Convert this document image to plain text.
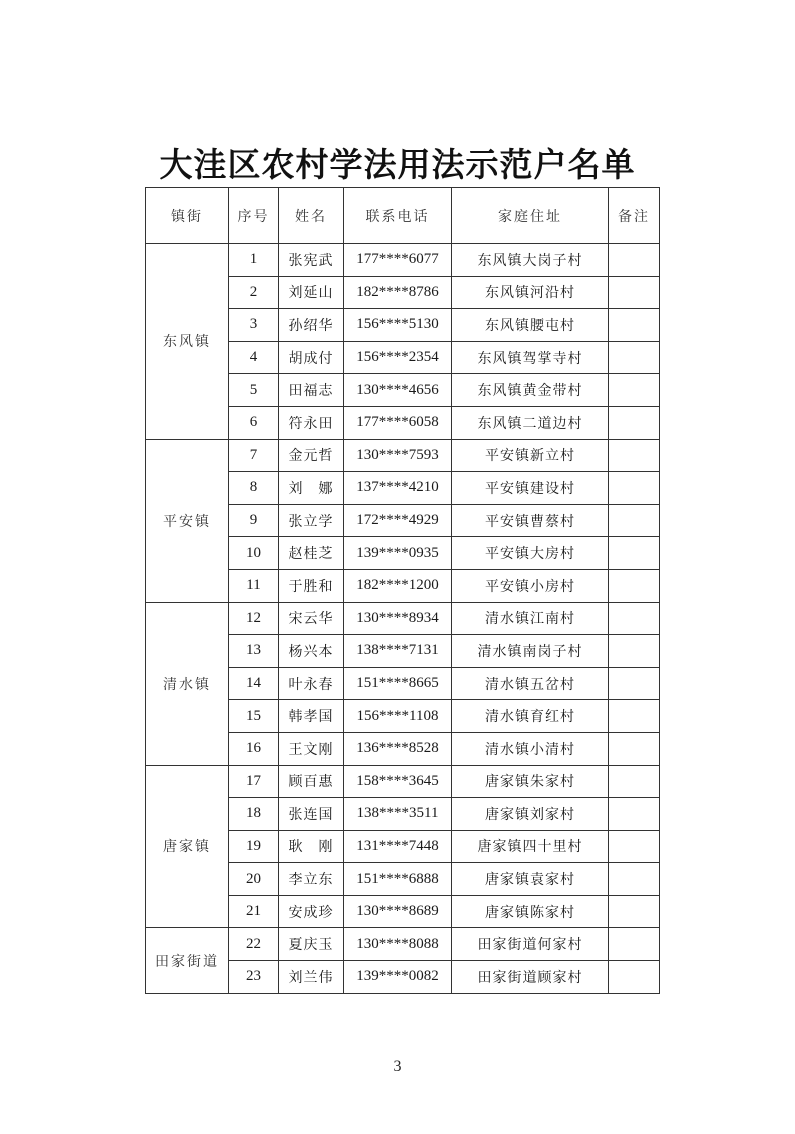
大洼区农村学法用法示范户名单
镇街	序号	姓名	联系电话	家庭住址	备注
东风镇	1	张宪武	177****6077	东风镇大岗子村	
	2	刘延山	182****8786	东风镇河沿村	
	3	孙绍华	156****5130	东风镇腰屯村	
	4	胡成付	156****2354	东风镇驾掌寺村	
	5	田福志	130****4656	东风镇黄金带村	
	6	符永田	177****6058	东风镇二道边村	
平安镇	7	金元哲	130****7593	平安镇新立村	
	8	刘　娜	137****4210	平安镇建设村	
	9	张立学	172****4929	平安镇曹蔡村	
	10	赵桂芝	139****0935	平安镇大房村	
	11	于胜和	182****1200	平安镇小房村	
清水镇	12	宋云华	130****8934	清水镇江南村	
	13	杨兴本	138****7131	清水镇南岗子村	
	14	叶永春	151****8665	清水镇五岔村	
	15	韩孝国	156****1108	清水镇育红村	
	16	王文刚	136****8528	清水镇小清村	
唐家镇	17	顾百惠	158****3645	唐家镇朱家村	
	18	张连国	138****3511	唐家镇刘家村	
	19	耿　刚	131****7448	唐家镇四十里村	
	20	李立东	151****6888	唐家镇袁家村	
	21	安成珍	130****8689	唐家镇陈家村	
田家街道	22	夏庆玉	130****8088	田家街道何家村	
	23	刘兰伟	139****0082	田家街道顾家村	
3
